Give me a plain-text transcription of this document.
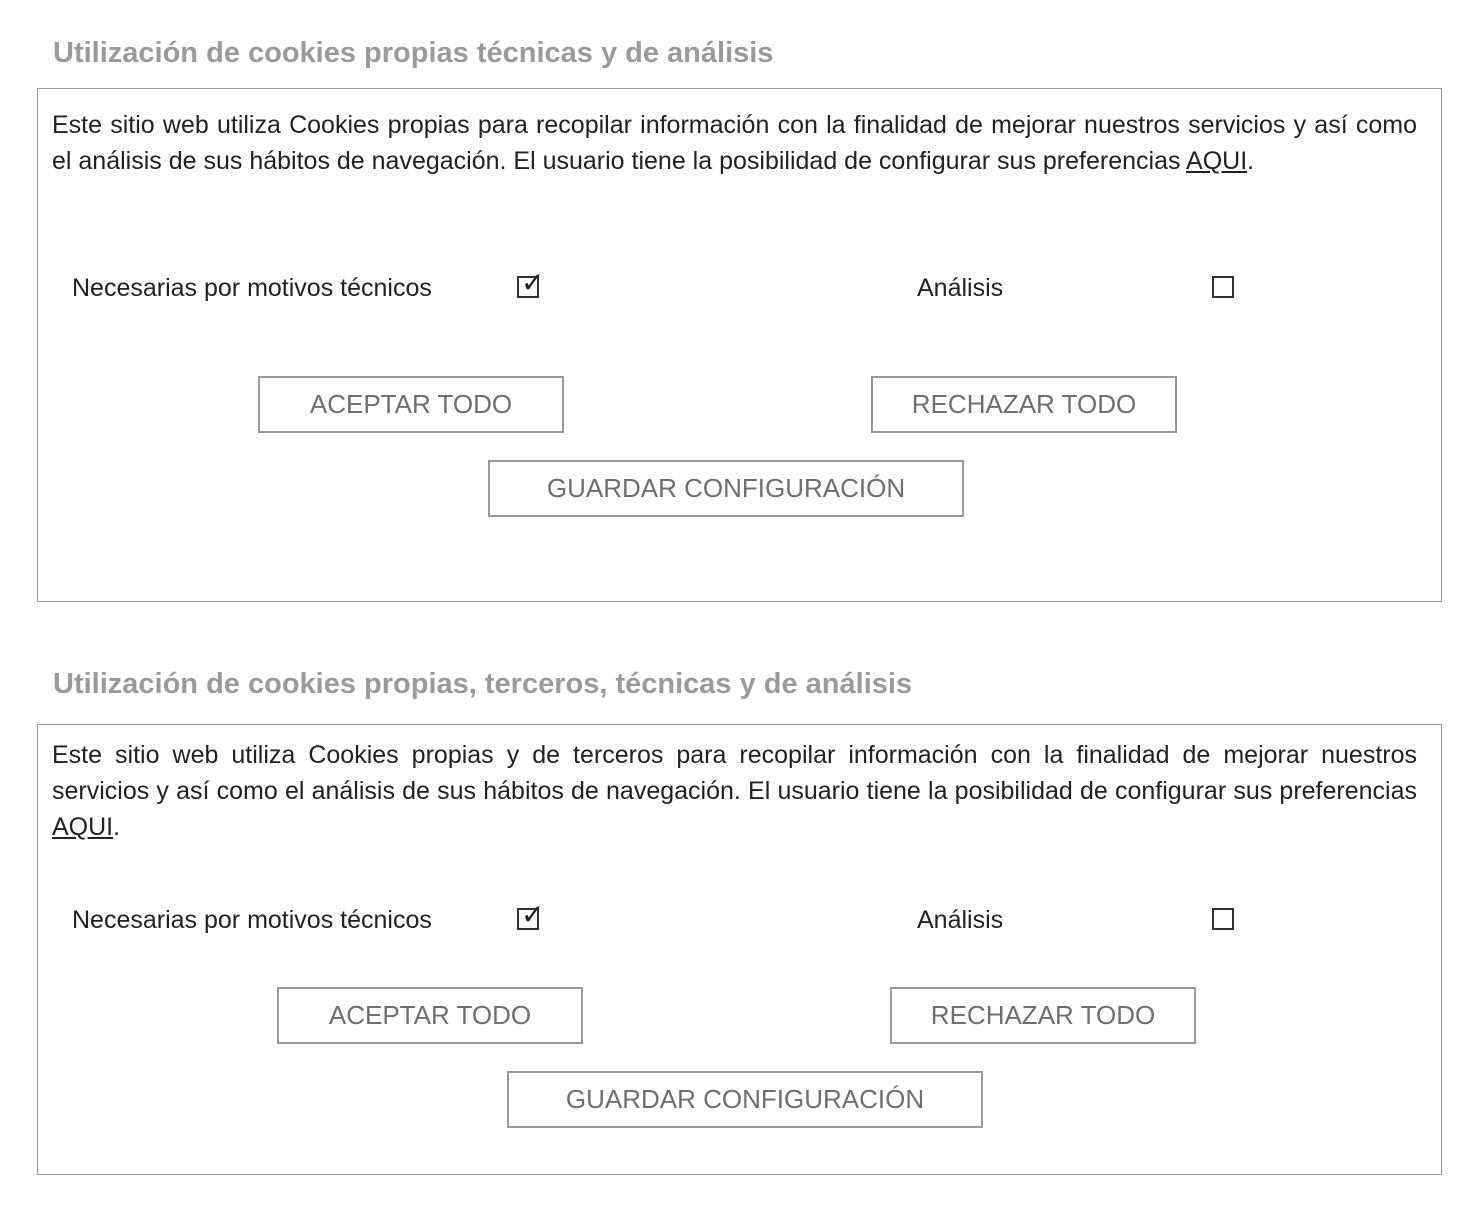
Utilización de cookies propias técnicas y de análisis

Este sitio web utiliza Cookies propias para recopilar información con la finalidad de mejorar nuestros servicios y así como el análisis de sus hábitos de navegación. El usuario tiene la posibilidad de configurar sus preferencias AQUI.

Necesarias por motivos técnicos	✓	Análisis
ACEPTAR TODO	RECHAZAR TODO
GUARDAR CONFIGURACIÓN
Utilización de cookies propias, terceros, técnicas y de análisis

Este sitio web utiliza Cookies propias y de terceros para recopilar información con la finalidad de mejorar nuestros servicios y así como el análisis de sus hábitos de navegación. El usuario tiene la posibilidad de configurar sus preferencias AQUI.

Necesarias por motivos técnicos	✓	Análisis
ACEPTAR TODO	RECHAZAR TODO
GUARDAR CONFIGURACIÓN
